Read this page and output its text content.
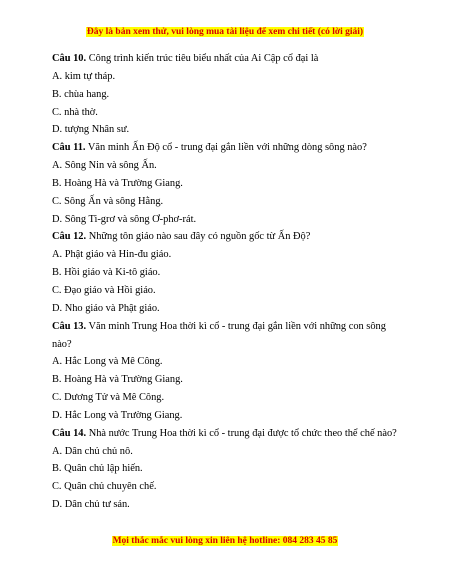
Đây là bản xem thử, vui lòng mua tài liệu để xem chi tiết (có lời giải)

Câu 10. Công trình kiến trúc tiêu biểu nhất của Ai Cập cổ đại là

A. kim tự tháp.

B. chùa hang.

C. nhà thờ.

D. tượng Nhân sư.

Câu 11. Văn minh Ấn Độ cổ - trung đại gắn liền với những dòng sông nào?

A. Sông Nin và sông Ấn.

B. Hoàng Hà và Trường Giang.

C. Sông Ấn và sông Hằng.

D. Sông Ti-grơ và sông Ơ-phơ-rát.

Câu 12. Những tôn giáo nào sau đây có nguồn gốc từ Ấn Độ?

A. Phật giáo và Hin-đu giáo.

B. Hồi giáo và Ki-tô giáo.

C. Đạo giáo và Hồi giáo.

D. Nho giáo và Phật giáo.

Câu 13. Văn minh Trung Hoa thời kì cổ - trung đại gắn liền với những con sông nào?

A. Hắc Long và Mê Công.

B. Hoàng Hà và Trường Giang.

C. Dương Tử và Mê Công.

D. Hắc Long và Trường Giang.

Câu 14. Nhà nước Trung Hoa thời kì cổ - trung đại được tổ chức theo thể chế nào?

A. Dân chủ chủ nô.

B. Quân chủ lập hiến.

C. Quân chủ chuyên chế.

D. Dân chủ tư sản.

Mọi thắc mắc vui lòng xin liên hệ hotline: 084 283 45 85
